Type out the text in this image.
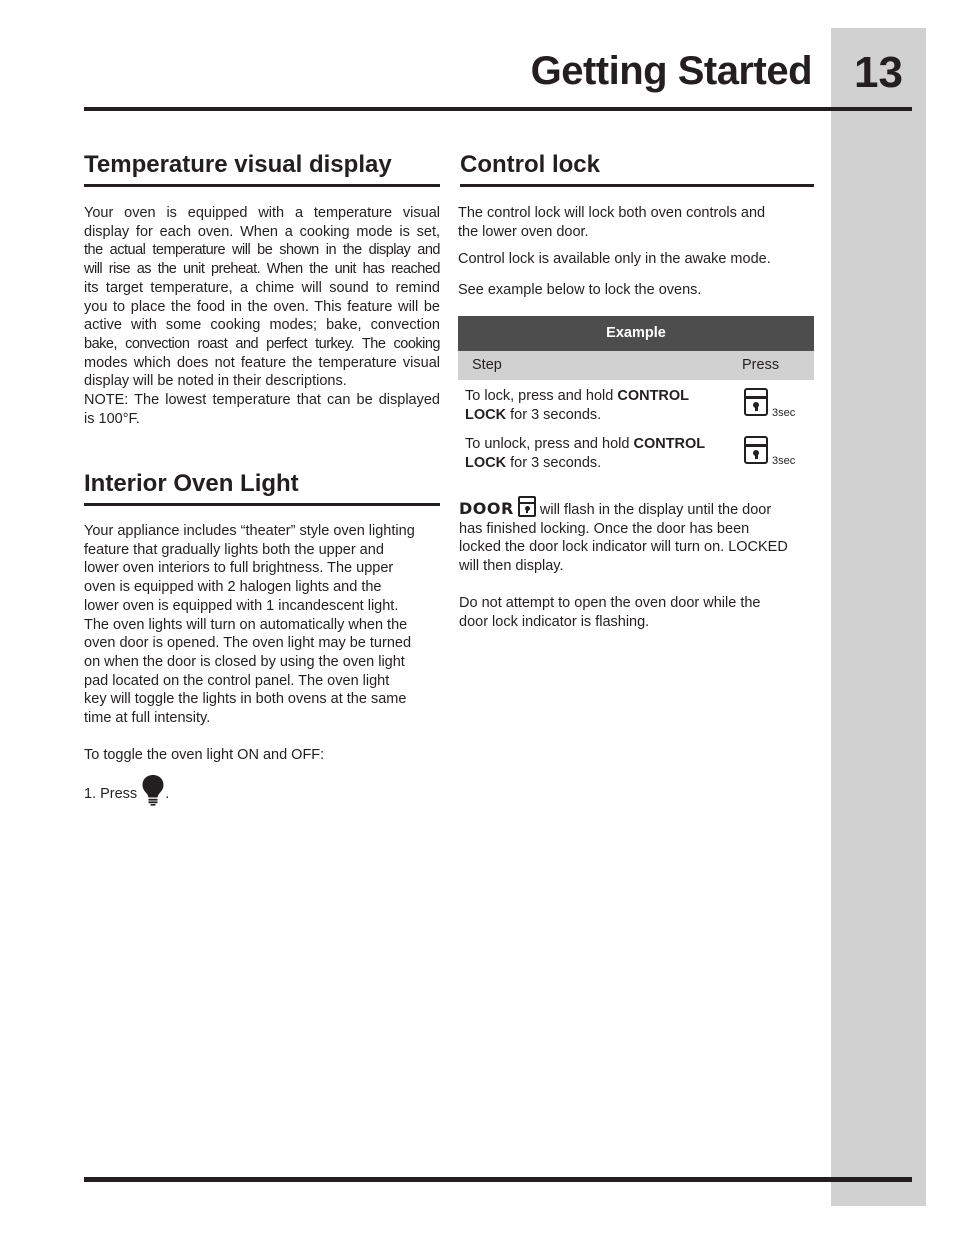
Getting Started 13
Temperature visual display
Your oven is equipped with a temperature visual
display for each oven. When a cooking mode is set,
the actual temperature will be shown in the display and
will rise as the unit preheat. When the unit has reached
its target temperature, a chime will sound to remind
you to place the food in the oven. This feature will be
active with some cooking modes; bake, convection
bake, convection roast and perfect turkey. The cooking
modes which does not feature the temperature visual
display will be noted in their descriptions.
NOTE: The lowest temperature that can be displayed
is 100°F.
Interior Oven Light
Your appliance includes “theater” style oven lighting
feature that gradually lights both the upper and
lower oven interiors to full brightness. The upper
oven is equipped with 2 halogen lights and the
lower oven is equipped with 1 incandescent light.
The oven lights will turn on automatically when the
oven door is opened. The oven light may be turned
on when the door is closed by using the oven light
pad located on the control panel. The oven light
key will toggle the lights in both ovens at the same
time at full intensity.

To toggle the oven light ON and OFF:

1. Press .
Control lock
The control lock will lock both oven controls and
the lower oven door.

Control lock is available only in the awake mode.

See example below to lock the ovens.

Example
Step	Press
To lock, press and hold CONTROL
LOCK for 3 seconds.	3sec
To unlock, press and hold CONTROL
LOCK for 3 seconds.	3sec
DOOR
will flash in the display until the door
has finished locking. Once the door has been
locked the door lock indicator will turn on. LOCKED
will then display.
Do not attempt to open the oven door while the
door lock indicator is flashing.
